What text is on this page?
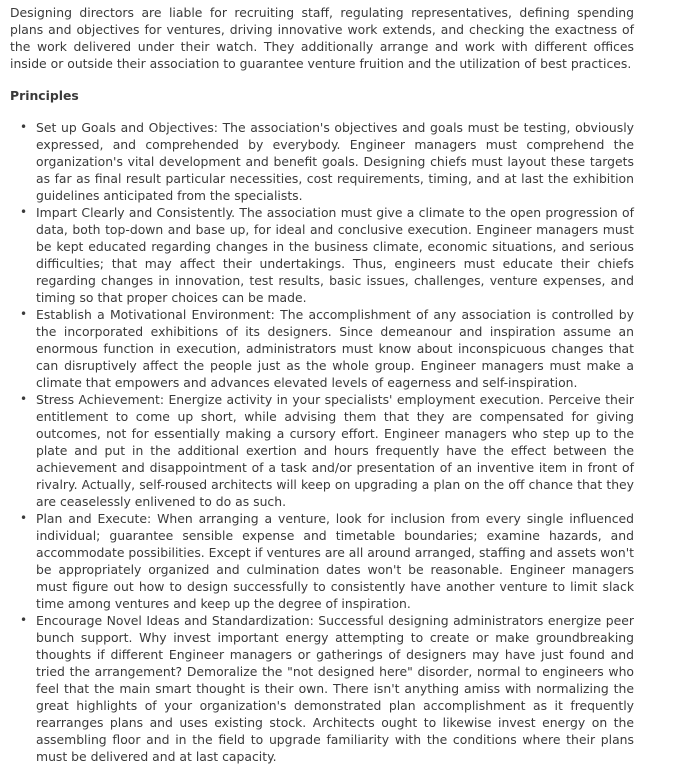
Designing directors are liable for recruiting staff, regulating representatives, defining spending plans and objectives for ventures, driving innovative work extends, and checking the exactness of the work delivered under their watch. They additionally arrange and work with different offices inside or outside their association to guarantee venture fruition and the utilization of best practices.

Principles
• Set up Goals and Objectives: The association's objectives and goals must be testing, obviously expressed, and comprehended by everybody. Engineer managers must comprehend the organization's vital development and benefit goals. Designing chiefs must layout these targets as far as final result particular necessities, cost requirements, timing, and at last the exhibition guidelines anticipated from the specialists.
• Impart Clearly and Consistently. The association must give a climate to the open progression of data, both top-down and base up, for ideal and conclusive execution. Engineer managers must be kept educated regarding changes in the business climate, economic situations, and serious difficulties; that may affect their undertakings. Thus, engineers must educate their chiefs regarding changes in innovation, test results, basic issues, challenges, venture expenses, and timing so that proper choices can be made.
• Establish a Motivational Environment: The accomplishment of any association is controlled by the incorporated exhibitions of its designers. Since demeanour and inspiration assume an enormous function in execution, administrators must know about inconspicuous changes that can disruptively affect the people just as the whole group. Engineer managers must make a climate that empowers and advances elevated levels of eagerness and self-inspiration.
• Stress Achievement: Energize activity in your specialists' employment execution. Perceive their entitlement to come up short, while advising them that they are compensated for giving outcomes, not for essentially making a cursory effort. Engineer managers who step up to the plate and put in the additional exertion and hours frequently have the effect between the achievement and disappointment of a task and/or presentation of an inventive item in front of rivalry. Actually, self-roused architects will keep on upgrading a plan on the off chance that they are ceaselessly enlivened to do as such.
• Plan and Execute: When arranging a venture, look for inclusion from every single influenced individual; guarantee sensible expense and timetable boundaries; examine hazards, and accommodate possibilities. Except if ventures are all around arranged, staffing and assets won't be appropriately organized and culmination dates won't be reasonable. Engineer managers must figure out how to design successfully to consistently have another venture to limit slack time among ventures and keep up the degree of inspiration.
• Encourage Novel Ideas and Standardization: Successful designing administrators energize peer bunch support. Why invest important energy attempting to create or make groundbreaking thoughts if different Engineer managers or gatherings of designers may have just found and tried the arrangement? Demoralize the "not designed here" disorder, normal to engineers who feel that the main smart thought is their own. There isn't anything amiss with normalizing the great highlights of your organization's demonstrated plan accomplishment as it frequently rearranges plans and uses existing stock. Architects ought to likewise invest energy on the assembling floor and in the field to upgrade familiarity with the conditions where their plans must be delivered and at last capacity.
